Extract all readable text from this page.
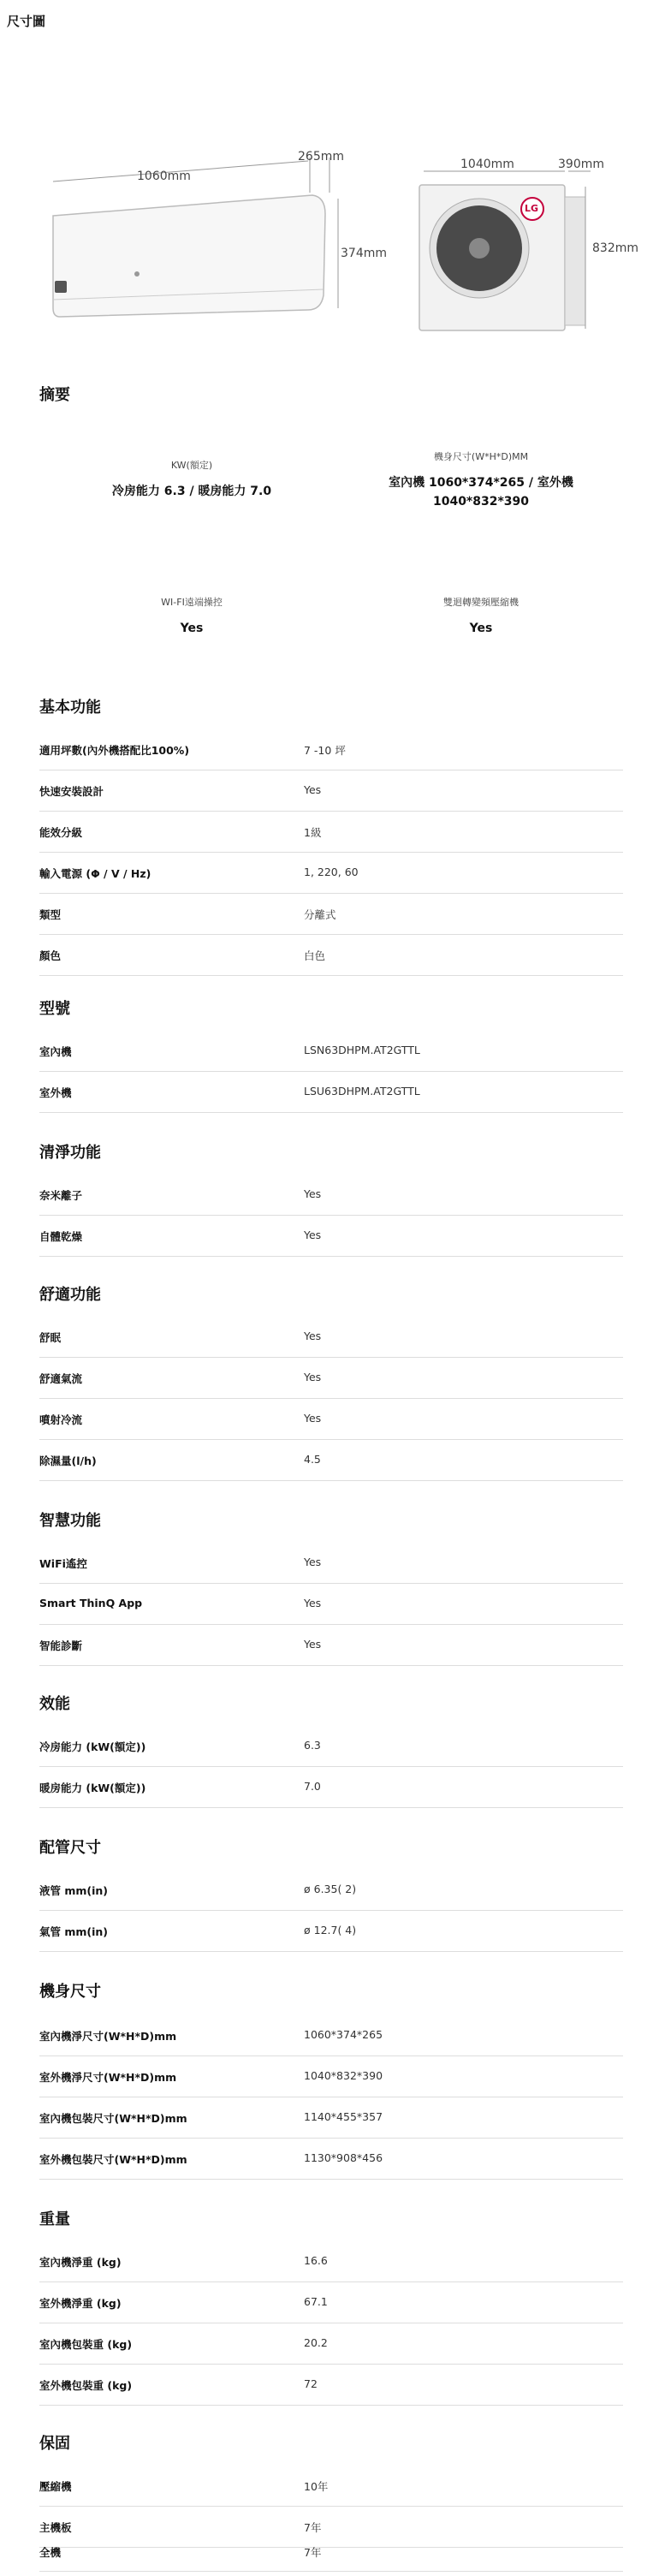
尺寸圖
1060mm
265mm
374mm
1040mm	390mm
832mm
LG
摘要
KW(額定)
冷房能力 6.3 / 暖房能力 7.0
機身尺寸(W*H*D)MM
室內機 1060*374*265 / 室外機 1040*832*390
WI-FI遠端操控
Yes
雙迴轉變頻壓縮機
Yes
基本功能
適用坪數(內外機搭配比100%)	7 -10 坪
快速安裝設計	Yes
能效分級	1級
輸入電源 (Φ / V / Hz)	1, 220, 60
類型	分離式
顏色	白色
型號
室內機	LSN63DHPM.AT2GTTL
室外機	LSU63DHPM.AT2GTTL
清淨功能
奈米離子	Yes
自體乾燥	Yes
舒適功能
舒眠	Yes
舒適氣流	Yes
噴射冷流	Yes
除濕量(l/h)	4.5
智慧功能
WiFi遙控	Yes
Smart ThinQ App	Yes
智能診斷	Yes
效能
冷房能力 (kW(額定))	6.3
暖房能力 (kW(額定))	7.0
配管尺寸
液管 mm(in)	ø 6.35( 2)
氣管 mm(in)	ø 12.7( 4)
機身尺寸
室內機淨尺寸(W*H*D)mm	1060*374*265
室外機淨尺寸(W*H*D)mm	1040*832*390
室內機包裝尺寸(W*H*D)mm	1140*455*357
室外機包裝尺寸(W*H*D)mm	1130*908*456
重量
室內機淨重 (kg)	16.6
室外機淨重 (kg)	67.1
室內機包裝重 (kg)	20.2
室外機包裝重 (kg)	72
保固
壓縮機	10年
主機板	7年
全機	7年
